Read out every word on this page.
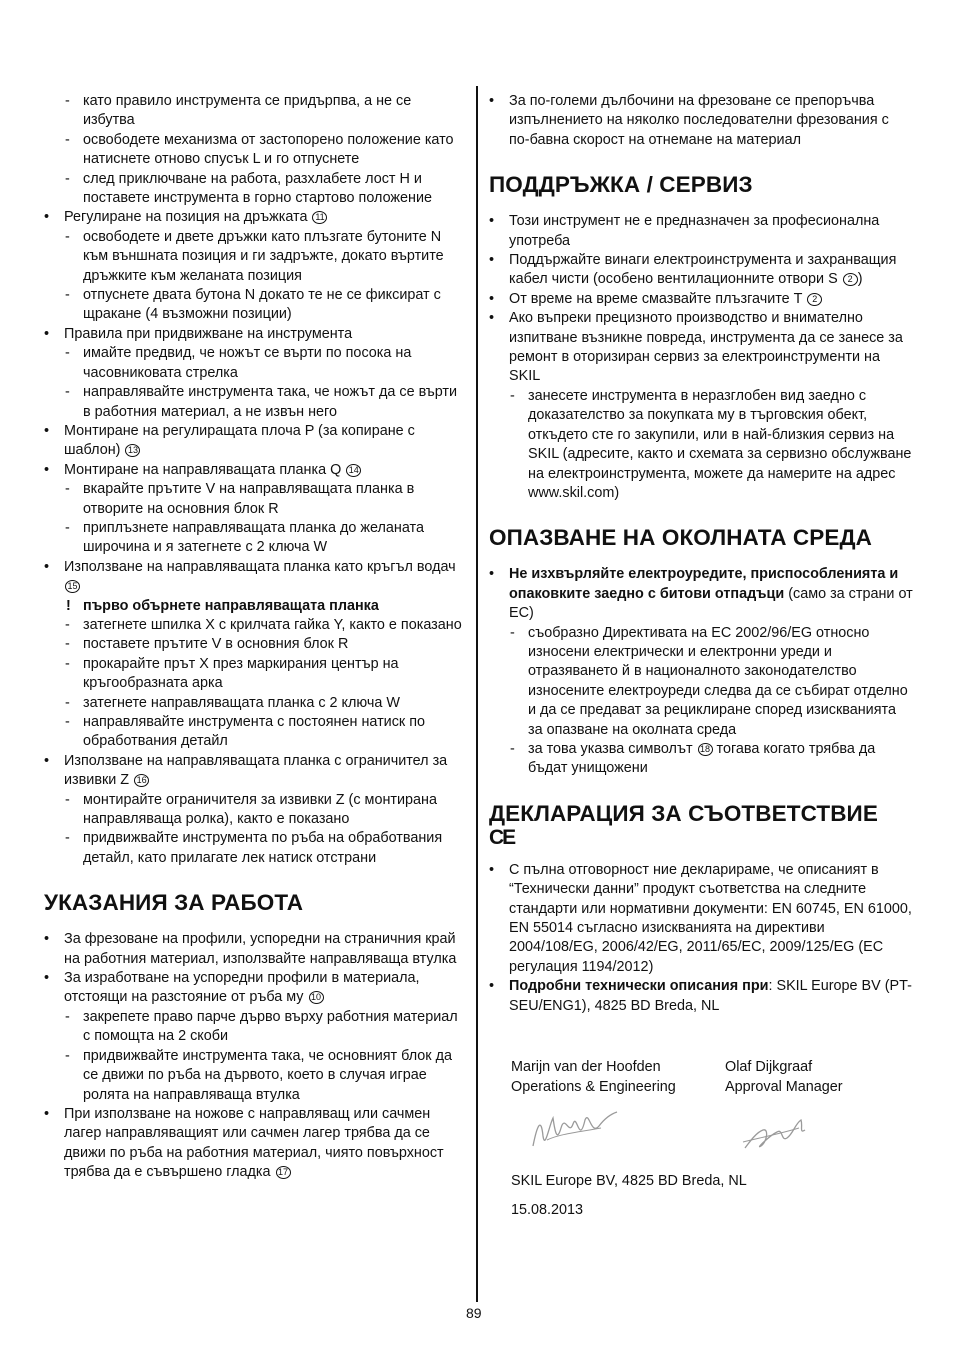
- като правило инструмента се придърпва, а не се избутва
- освободете механизма от застопорено положение като натиснете отново спусък L и го отпуснете
- след приключване на работа, разхлабете лост H и поставете инструмента в горно стартово положение
• Регулиране на позиция на дръжката 11
- освободете и двете дръжки като плъзгате бутоните N към външната позиция и ги задръжте, докато въртите дръжките към желаната позиция
- отпуснете двата бутона N докато те не се фиксират с щракане (4 възможни позиции)
• Правила при придвижване на инструмента
- имайте предвид, че ножът се върти по посока на часовниковата стрелка
- направлявайте инструмента така, че ножът да се върти в работния материал, а не извън него
• Монтиране на регулиращата плоча P (за копиране с шаблон) 13
• Монтиране на направляващата планка Q 14
- вкарайте прътите V на направляващата планка в отворите на основния блок R
- приплъзнете направляващата планка до желаната широчина и я затегнете с 2 ключа W
• Използване на направляващата планка като кръгъл водач 15
! първо обърнете направляващата планка
- затегнете шпилка X с крилчата гайка Y, както е показано
- поставете прътите V в основния блок R
- прокарайте прът X през маркирания център на кръгообразната арка
- затегнете направляващата планка с 2 ключа W
- направлявайте инструмента с постоянен натиск по обработвания детайл
• Използване на направляващата планка с ограничител за извивки Z 16
- монтирайте ограничителя за извивки Z (с монтирана направляваща ролка), както е показано
- придвижвайте инструмента по ръба на обработвания детайл, като прилагате лек натиск отстрани
УКАЗАНИЯ ЗА РАБОТА
• За фрезоване на профили, успоредни на страничния край на работния материал, използвайте направляваща втулка
• За изработване на успоредни профили в материала, отстоящи на разстояние от ръба му 10
- закрепете право парче дърво върху работния материал с помощта на 2 скоби
- придвижвайте инструмента така, че основният блок да се движи по ръба на дървото, което в случая играе ролята на направляваща втулка
• При използване на ножове с направляващ или сачмен лагер направляващият или сачмен лагер трябва да се движи по ръба на работния материал, чиято повърхност трябва да е съвършено гладка 17
• За по-големи дълбочини на фрезоване се препоръчва изпълнението на няколко последователни фрезования с по-бавна скорост на отнемане на материал
ПОДДРЪЖКА / СЕРВИЗ
• Този инструмент не е предназначен за професионална употреба
• Поддържайте винаги електроинструмента и захранващия кабел чисти (особено вентилационните отвори S 2 )
• От време на време смазвайте плъзгачите T 2
• Ако въпреки прецизното производство и внимателно изпитване възникне повреда, инструмента да се занесе за ремонт в оторизиран сервиз за електроинструменти на SKIL
- занесете инструмента в неразглобен вид заедно с доказателство за покупката му в търговския обект, откъдето сте го закупили, или в най-близкия сервиз на SKIL (адресите, както и схемата за сервизно обслужване на електроинструмента, можете да намерите на адрес www.skil.com)
ОПАЗВАНЕ НА ОКОЛНАТА СРЕДА
• Не изхвърляйте електроуредите, приспособленията и опаковките заедно с битови отпадъци (само за страни от ЕС)
- съобразно Директивата на ЕС 2002/96/EG относно износени електрически и електронни уреди и отразяването й в националното законодателство износените електроуреди следва да се събират отделно и да се предават за рециклиране според изискванията за опазване на околната среда
- за това указва символът 18 тогава когато трябва да бъдат унищожени
ДЕКЛАРАЦИЯ ЗА СЪОТВЕТСТВИЕ
CE
• С пълна отговорност ние декларираме, че описаният в “Технически данни” продукт съответства на следните стандарти или нормативни документи: EN 60745, EN 61000, EN 55014 съгласно изискванията на директиви 2004/108/EG, 2006/42/EG, 2011/65/EC, 2009/125/EG (ЕС регулация 1194/2012)
• Подробни технически описания при: SKIL Europe BV (PT-SEU/ENG1), 4825 BD Breda, NL
Marijn van der Hoofden
Operations & Engineering
Olaf Dijkgraaf
Approval Manager
SKIL Europe BV, 4825 BD Breda, NL
15.08.2013
89
